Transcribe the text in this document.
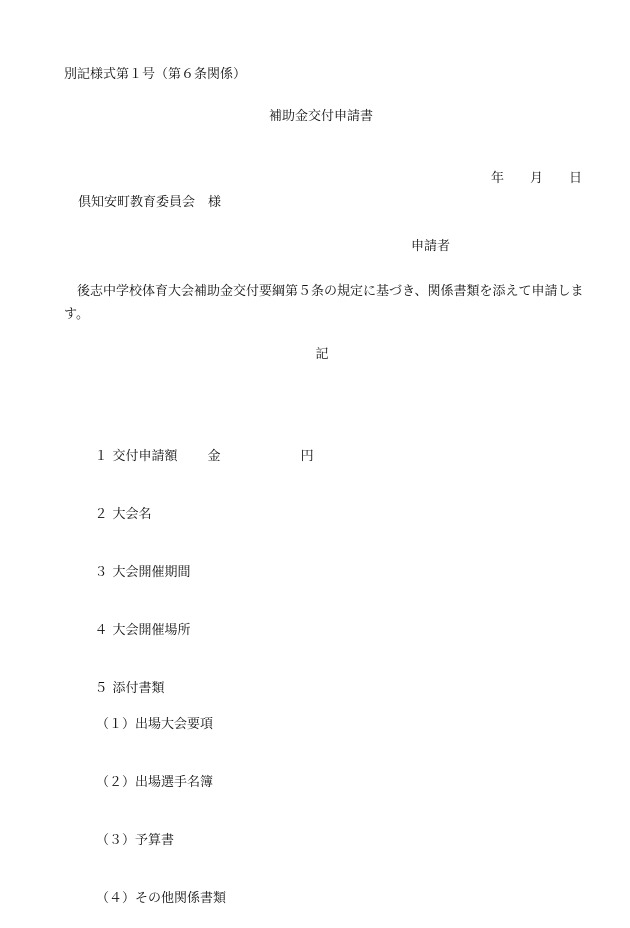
別記様式第１号（第６条関係）
補助金交付申請書

年 月 日

倶知安町教育委員会　様
申請者
後志中学校体育大会補助金交付要綱第５条の規定に基づき、関係書類を添えて申請します。
記

１ 交付申請額 金	円

２ 大会名

３ 大会開催期間

４ 大会開催場所

５ 添付書類

（１）出場大会要項

（２）出場選手名簿

（３）予算書

（４）その他関係書類
